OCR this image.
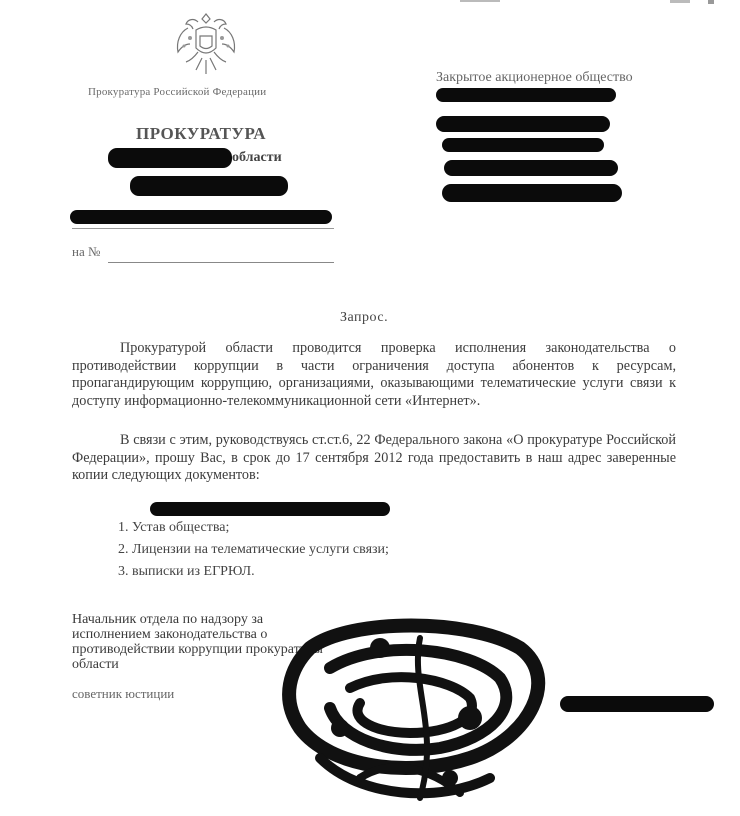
Прокуратура Российской Федерации
ПРОКУРАТУРА
области
на №
Закрытое акционерное общество
Запрос.
Прокуратурой области проводится проверка исполнения законодательства о противодействии коррупции в части ограничения доступа абонентов к ресурсам, пропагандирующим коррупцию, организациями, оказывающими телематические услуги связи к доступу информационно-телекоммуникационной сети «Интернет».
В связи с этим, руководствуясь ст.ст.6, 22 Федерального закона «О прокуратуре Российской Федерации», прошу Вас, в срок до 17 сентября 2012 года предоставить в наш адрес заверенные копии следующих документов:
1. Устав общества;
2. Лицензии на телематические услуги связи;
3. выписки из ЕГРЮЛ.
Начальник отдела по надзору за исполнением законодательства о противодействии коррупции прокуратуры области
советник юстиции
